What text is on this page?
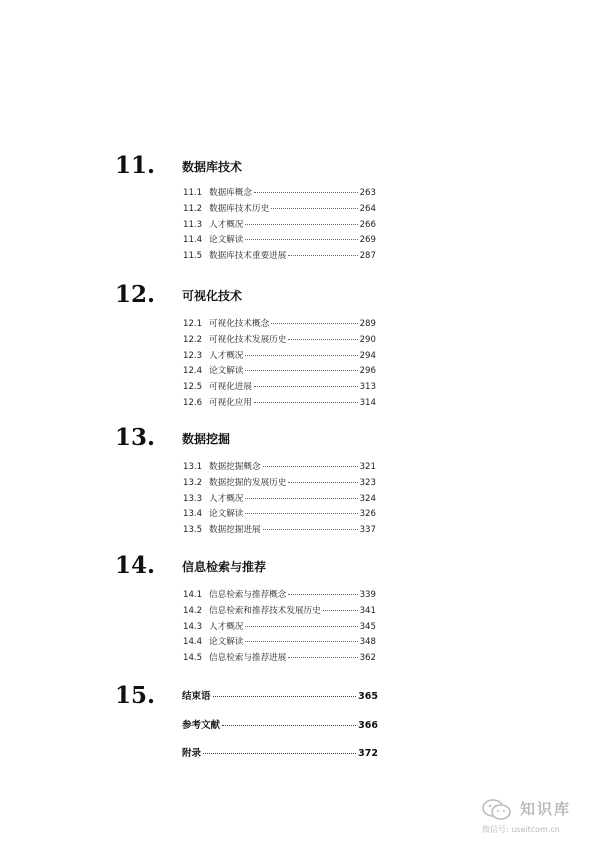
11. 数据库技术
11.1 数据库概念	263
11.2 数据库技术历史	264
11.3 人才概况	266
11.4 论文解读	269
11.5 数据库技术重要进展	287
12. 可视化技术
12.1 可视化技术概念	289
12.2 可视化技术发展历史	290
12.3 人才概况	294
12.4 论文解读	296
12.5 可视化进展	313
12.6 可视化应用	314
13. 数据挖掘
13.1 数据挖掘概念	321
13.2 数据挖掘的发展历史	323
13.3 人才概况	324
13.4 论文解读	326
13.5 数据挖掘进展	337
14. 信息检索与推荐
14.1 信息检索与推荐概念	339
14.2 信息检索和推荐技术发展历史	341
14.3 人才概况	345
14.4 论文解读	348
14.5 信息检索与推荐进展	362
15.	结束语	365
参考文献	366
附录	372
知识库
微信号: useitcom.cn
